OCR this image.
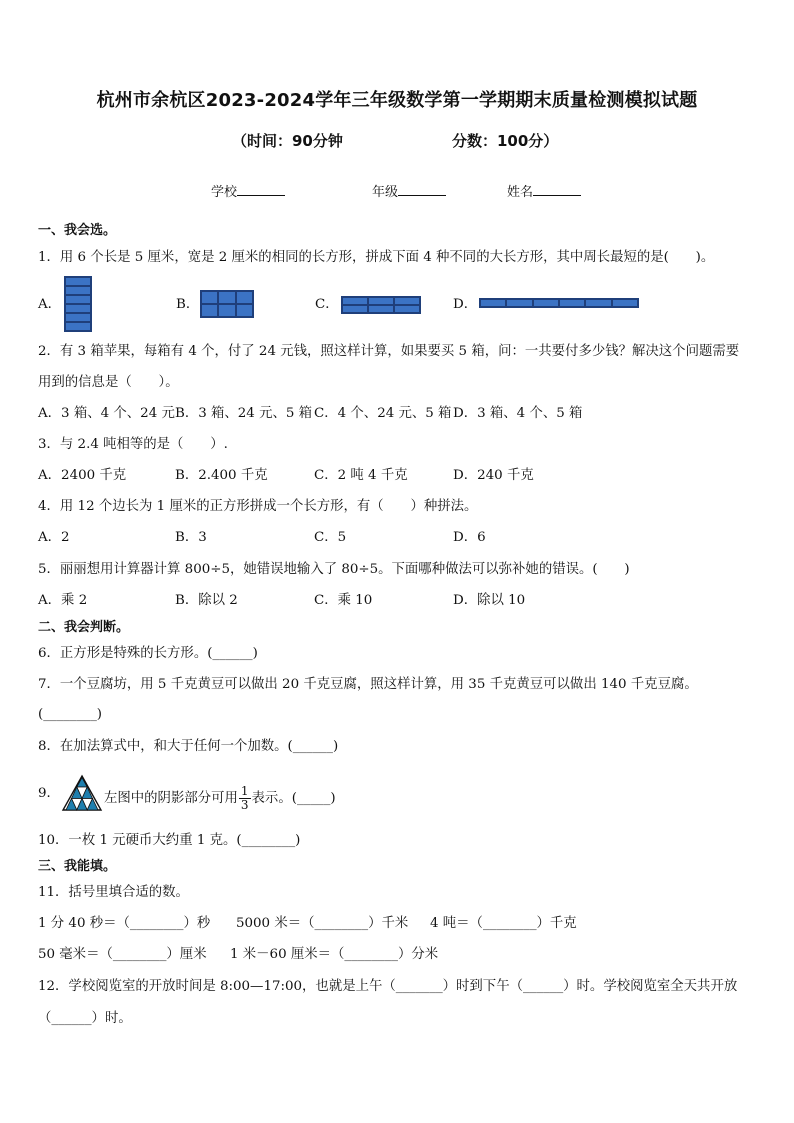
杭州市余杭区2023-2024学年三年级数学第一学期期末质量检测模拟试题
（时间：90分钟	分数：100分）
学校	年级	姓名
一、我会选。
1．用 6 个长是 5 厘米，宽是 2 厘米的相同的长方形，拼成下面 4 种不同的大长方形，其中周长最短的是(　　)。
A．	B．	C．	D．
2．有 3 箱苹果，每箱有 4 个，付了 24 元钱，照这样计算，如果要买 5 箱，问：一共要付多少钱？解决这个问题需要
用到的信息是（　　）。
A．3 箱、4 个、24 元 B．3 箱、24 元、5 箱 C．4 个、24 元、5 箱 D．3 箱、4 个、5 箱
3．与 2.4 吨相等的是（　　）.
A．2400 千克	B．2.400 千克	C．2 吨 4 千克	D．240 千克
4．用 12 个边长为 1 厘米的正方形拼成一个长方形，有（　　）种拼法。
A．2	B．3	C．5	D．6
5．丽丽想用计算器计算 800÷5，她错误地输入了 80÷5。下面哪种做法可以弥补她的错误。(　　)
A．乘 2	B．除以 2	C．乘 10	D．除以 10
二、我会判断。
6．正方形是特殊的长方形。(______)
7．一个豆腐坊，用 5 千克黄豆可以做出 20 千克豆腐，照这样计算，用 35 千克黄豆可以做出 140 千克豆腐。
(________)
8．在加法算式中，和大于任何一个加数。(______)
9．	左图中的阴影部分可用 $\frac{1}{3}$ 表示。(_____)
10．一枚 1 元硬币大约重 1 克。(________)
三、我能填。
11．括号里填合适的数。
1 分 40 秒＝（________）秒 5000 米＝（________）千米 4 吨＝（________）千克
50 毫米＝（________）厘米 1 米－60 厘米＝（________）分米
12．学校阅览室的开放时间是 8:00—17:00，也就是上午（_______）时到下午（______）时。学校阅览室全天共开放
（______）时。
